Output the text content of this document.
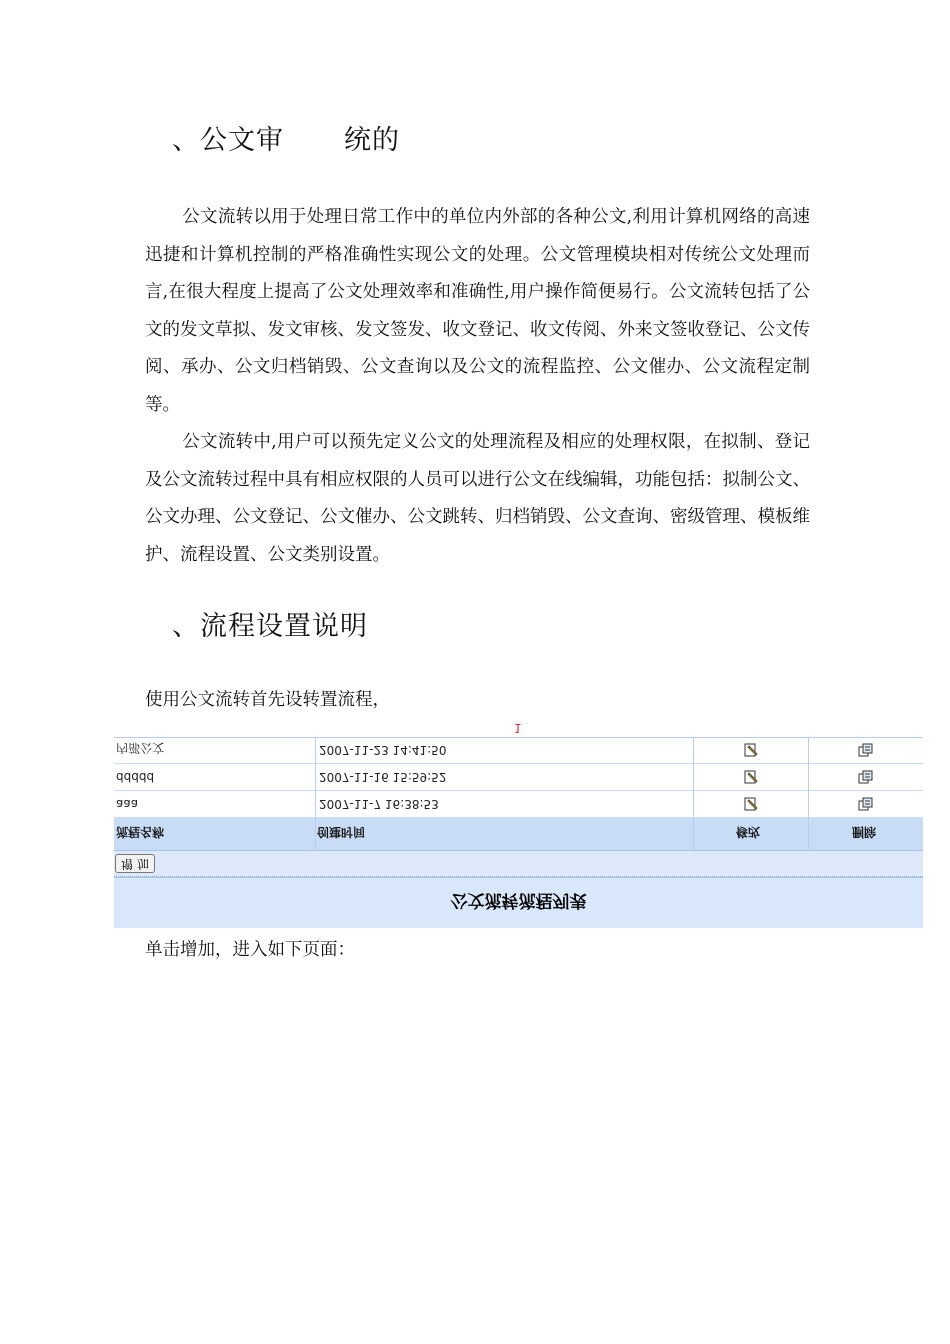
、公文审 统的

公文流转以用于处理日常工作中的单位内外部的各种公文,利用计算机网络的高速迅捷和计算机控制的严格准确性实现公文的处理。公文管理模块相对传统公文处理而言,在很大程度上提高了公文处理效率和准确性,用户操作简便易行。公文流转包括了公文的发文草拟、发文审核、发文签发、收文登记、收文传阅、外来文签收登记、公文传阅、承办、公文归档销毁、公文查询以及公文的流程监控、公文催办、公文流程定制等。

公文流转中,用户可以预先定义公文的处理流程及相应的处理权限，在拟制、登记及公文流转过程中具有相应权限的人员可以进行公文在线编辑，功能包括：拟制公文、公文办理、公文登记、公文催办、公文跳转、归档销毁、公文查询、密级管理、模板维护、流程设置、公文类别设置。

、流程设置说明
使用公文流转首先设转置流程，
公文流转流程列表
增 加
流程名称	创建时间	修改	删除
aaa	2007-11-7 16:38:53
ddddd	2007-11-16 15:59:52
内部公文	2007-11-23 14:41:50
1
单击增加，进入如下页面：
